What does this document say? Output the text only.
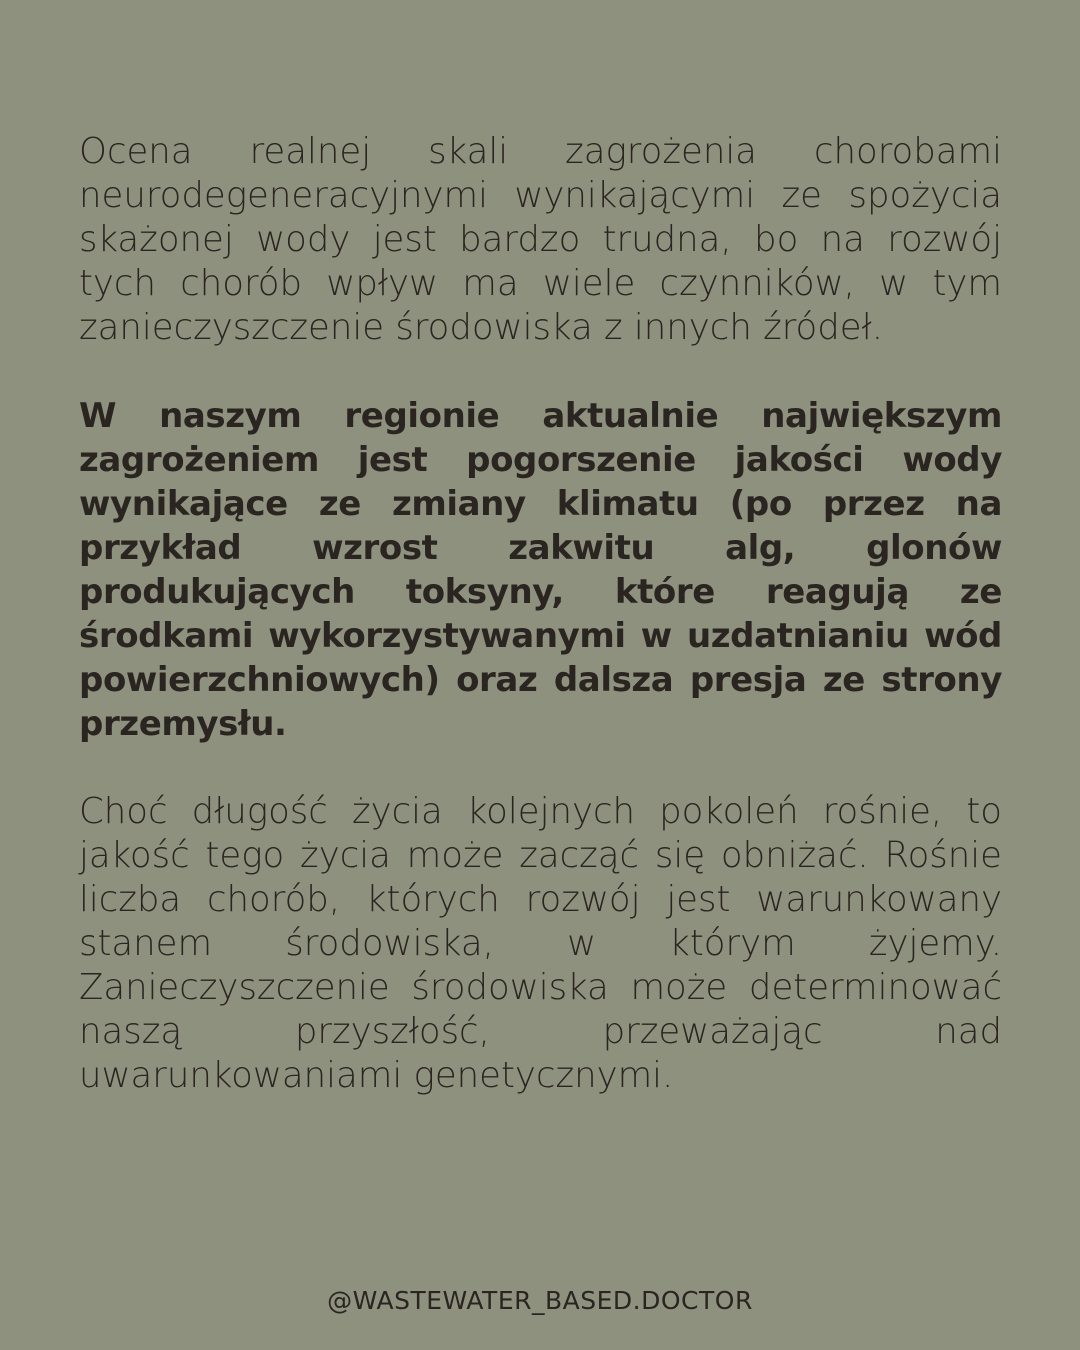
Ocena realnej skali zagrożenia chorobami neurodegeneracyjnymi wynikającymi ze spożycia skażonej wody jest bardzo trudna, bo na rozwój tych chorób wpływ ma wiele czynników, w tym zanieczyszczenie środowiska z innych źródeł.

W naszym regionie aktualnie największym zagrożeniem jest pogorszenie jakości wody wynikające ze zmiany klimatu (po przez na przykład wzrost zakwitu alg, glonów produkujących toksyny, które reagują ze środkami wykorzystywanymi w uzdatnianiu wód powierzchniowych) oraz dalsza presja ze strony przemysłu.

Choć długość życia kolejnych pokoleń rośnie, to jakość tego życia może zacząć się obniżać. Rośnie liczba chorób, których rozwój jest warunkowany stanem środowiska, w którym żyjemy. Zanieczyszczenie środowiska może determinować naszą przyszłość, przeważając nad uwarunkowaniami genetycznymi.

@WASTEWATER_BASED.DOCTOR
